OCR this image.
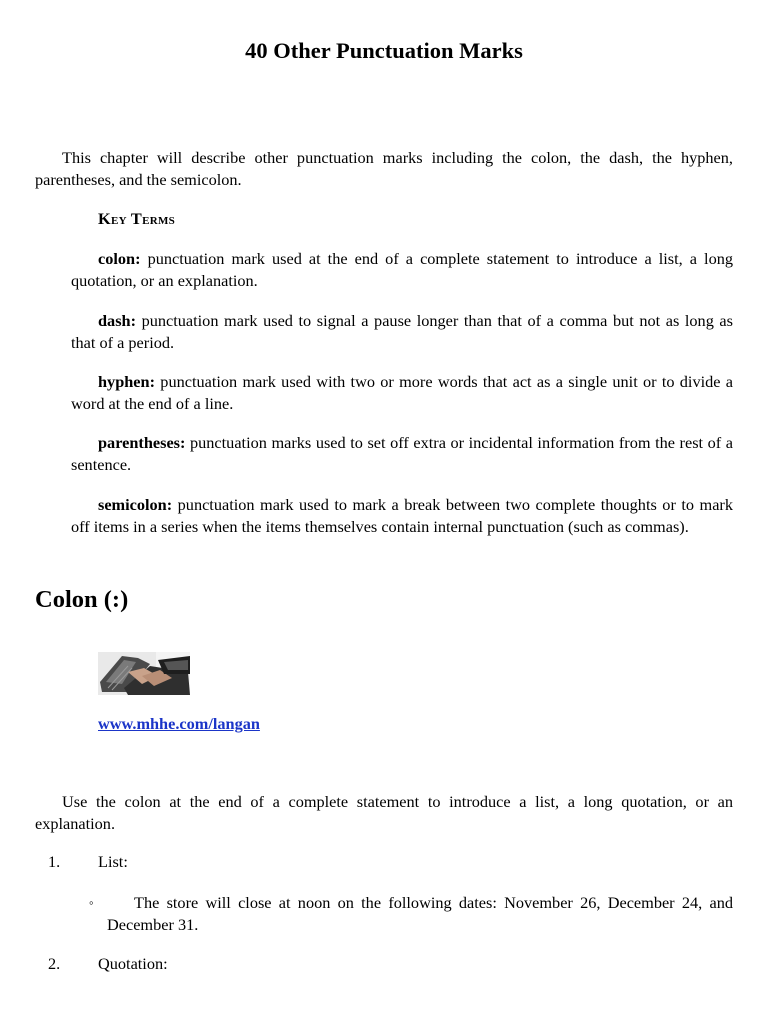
40 Other Punctuation Marks

This chapter will describe other punctuation marks including the colon, the dash, the hyphen, parentheses, and the semicolon.

Key Terms

colon: punctuation mark used at the end of a complete statement to introduce a list, a long quotation, or an explanation.

dash: punctuation mark used to signal a pause longer than that of a comma but not as long as that of a period.

hyphen: punctuation mark used with two or more words that act as a single unit or to divide a word at the end of a line.

parentheses: punctuation marks used to set off extra or incidental information from the rest of a sentence.

semicolon: punctuation mark used to mark a break between two complete thoughts or to mark off items in a series when the items themselves contain internal punctuation (such as commas).

Colon (:)
www.mhhe.com/langan

Use the colon at the end of a complete statement to introduce a list, a long quotation, or an explanation.

1. List:
◦	The store will close at noon on the following dates: November 26, December 24, and December 31.

2. Quotation:
